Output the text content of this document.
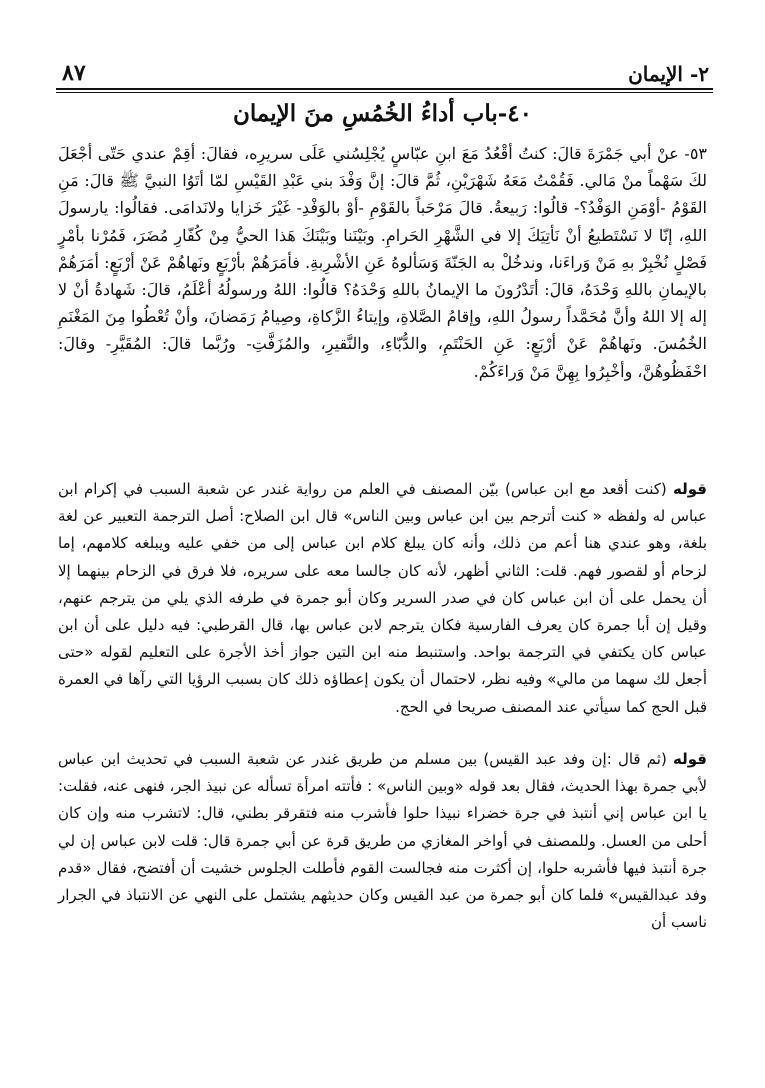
٨٧	٢- الإيمان
٤٠-باب أداءُ الخُمُسِ منَ الإيمان
٥٣- عنْ أبي جَمْرَةَ قالَ: كنتُ أقْعُدُ مَعَ ابنِ عبّاسٍ يُجْلِسُني عَلَى سريرِه، فقالَ: أقِمْ عندي حَتّى أجْعَلَ لكَ سَهْماً منْ مَالي. فَقُمْتُ مَعَهُ شَهْرَيْنِ، ثُمَّ قالَ: إنَّ وَفْدَ بني عَبْدِ القَيْسِ لمّا أتَوُا النبيَّ ﷺ قالَ: مَنِ القَوْمُ -أوْمَنِ الوَفْدُ؟- قالُوا: رَبيعةُ. قالَ مَرْحَباً بالقَوْمِ -أوْ بالوَفْدِ- غَيْرَ خَزايا ولانَدامَى. فقالُوا: يارسولَ اللهِ، إنّا لا نَسْتَطيعُ أنْ نَأتِيَكَ إلا في الشَّهْرِ الحَرامِ. وبَيْنَنا وبَيْنَكَ هَذا الحيُّ مِنْ كُفّارِ مُضَرَ، فَمُرْنا بأمْرٍ فَصْلٍ نُخْبِرْ بهِ مَنْ وَراءَنا، وندخُلْ به الجَنّةَ وَسَألوهُ عَنِ الأشْرِبةِ. فأمَرَهُمْ بأرْبَعٍ ونَهاهُمْ عَنْ أرْبَعٍ: أمَرَهُمْ بالإيمانِ باللهِ وَحْدَهُ، قالَ: أتَدْرُونَ ما الإيمانُ باللهِ وَحْدَهُ؟ قالُوا: اللهُ ورسولُهُ أعْلَمُ، قالَ: شَهادةُ أنْ لا إله إلا اللهُ وأنَّ مُحَمَّداً رسولُ اللهِ، وإقامُ الصَّلاةِ، وإيتاءُ الزَّكاةِ، وصِيامُ رَمَضانَ، وأنْ تُعْطُوا مِنَ المَغْنَمِ الخُمُسَ. ونَهاهُمْ عَنْ أرْبَعٍ: عَنِ الحَنْتَمِ، والدُّبّاءِ، والنَّقيرِ، والمُزَفَّتِ- ورُبَّما قالَ: المُقَيَّرِ- وقالَ: احْفَظُوهُنَّ، وأخْبِرُوا بِهِنَّ مَنْ وَراءَكُمْ.
قوله (كنت أقعد مع ابن عباس) بيّن المصنف في العلم من رواية غندر عن شعبة السبب في إكرام ابن عباس له ولفظه « كنت أترجم بين ابن عباس وبين الناس» قال ابن الصلاح: أصل الترجمة التعبير عن لغة بلغة، وهو عندي هنا أعم من ذلك، وأنه كان يبلغ كلام ابن عباس إلى من خفي عليه ويبلغه كلامهم، إما لزحام أو لقصور فهم. قلت: الثاني أظهر، لأنه كان جالسا معه على سريره، فلا فرق في الزحام بينهما إلا أن يحمل على أن ابن عباس كان في صدر السرير وكان أبو جمرة في طرفه الذي يلي من يترجم عنهم، وقيل إن أبا جمرة كان يعرف الفارسية فكان يترجم لابن عباس بها، قال القرطبي: فيه دليل على أن ابن عباس كان يكتفي في الترجمة بواحد. واستنبط منه ابن التين جواز أخذ الأجرة على التعليم لقوله «حتى أجعل لك سهما من مالي» وفيه نظر، لاحتمال أن يكون إعطاؤه ذلك كان بسبب الرؤيا التي رآها في العمرة قبل الحج كما سيأتي عند المصنف صريحا في الحج.
قوله (ثم قال :إن وفد عبد القيس) بين مسلم من طريق غندر عن شعبة السبب في تحديث ابن عباس لأبي جمرة بهذا الحديث، فقال بعد قوله «وبين الناس» : فأتته امرأة تسأله عن نبيذ الجر، فنهى عنه، فقلت: يا ابن عباس إني أنتبذ في جرة خضراء نبيذا حلوا فأشرب منه فتقرقر بطني، قال: لاتشرب منه وإن كان أحلى من العسل. وللمصنف في أواخر المغازي من طريق قرة عن أبي جمرة قال: قلت لابن عباس إن لي جرة أنتبذ فيها فأشربه حلوا، إن أكثرت منه فجالست القوم فأطلت الجلوس خشيت أن أفتضح، فقال «قدم وفد عبدالقيس» فلما كان أبو جمرة من عبد القيس وكان حديثهم يشتمل على النهي عن الانتباذ في الجرار ناسب أن
